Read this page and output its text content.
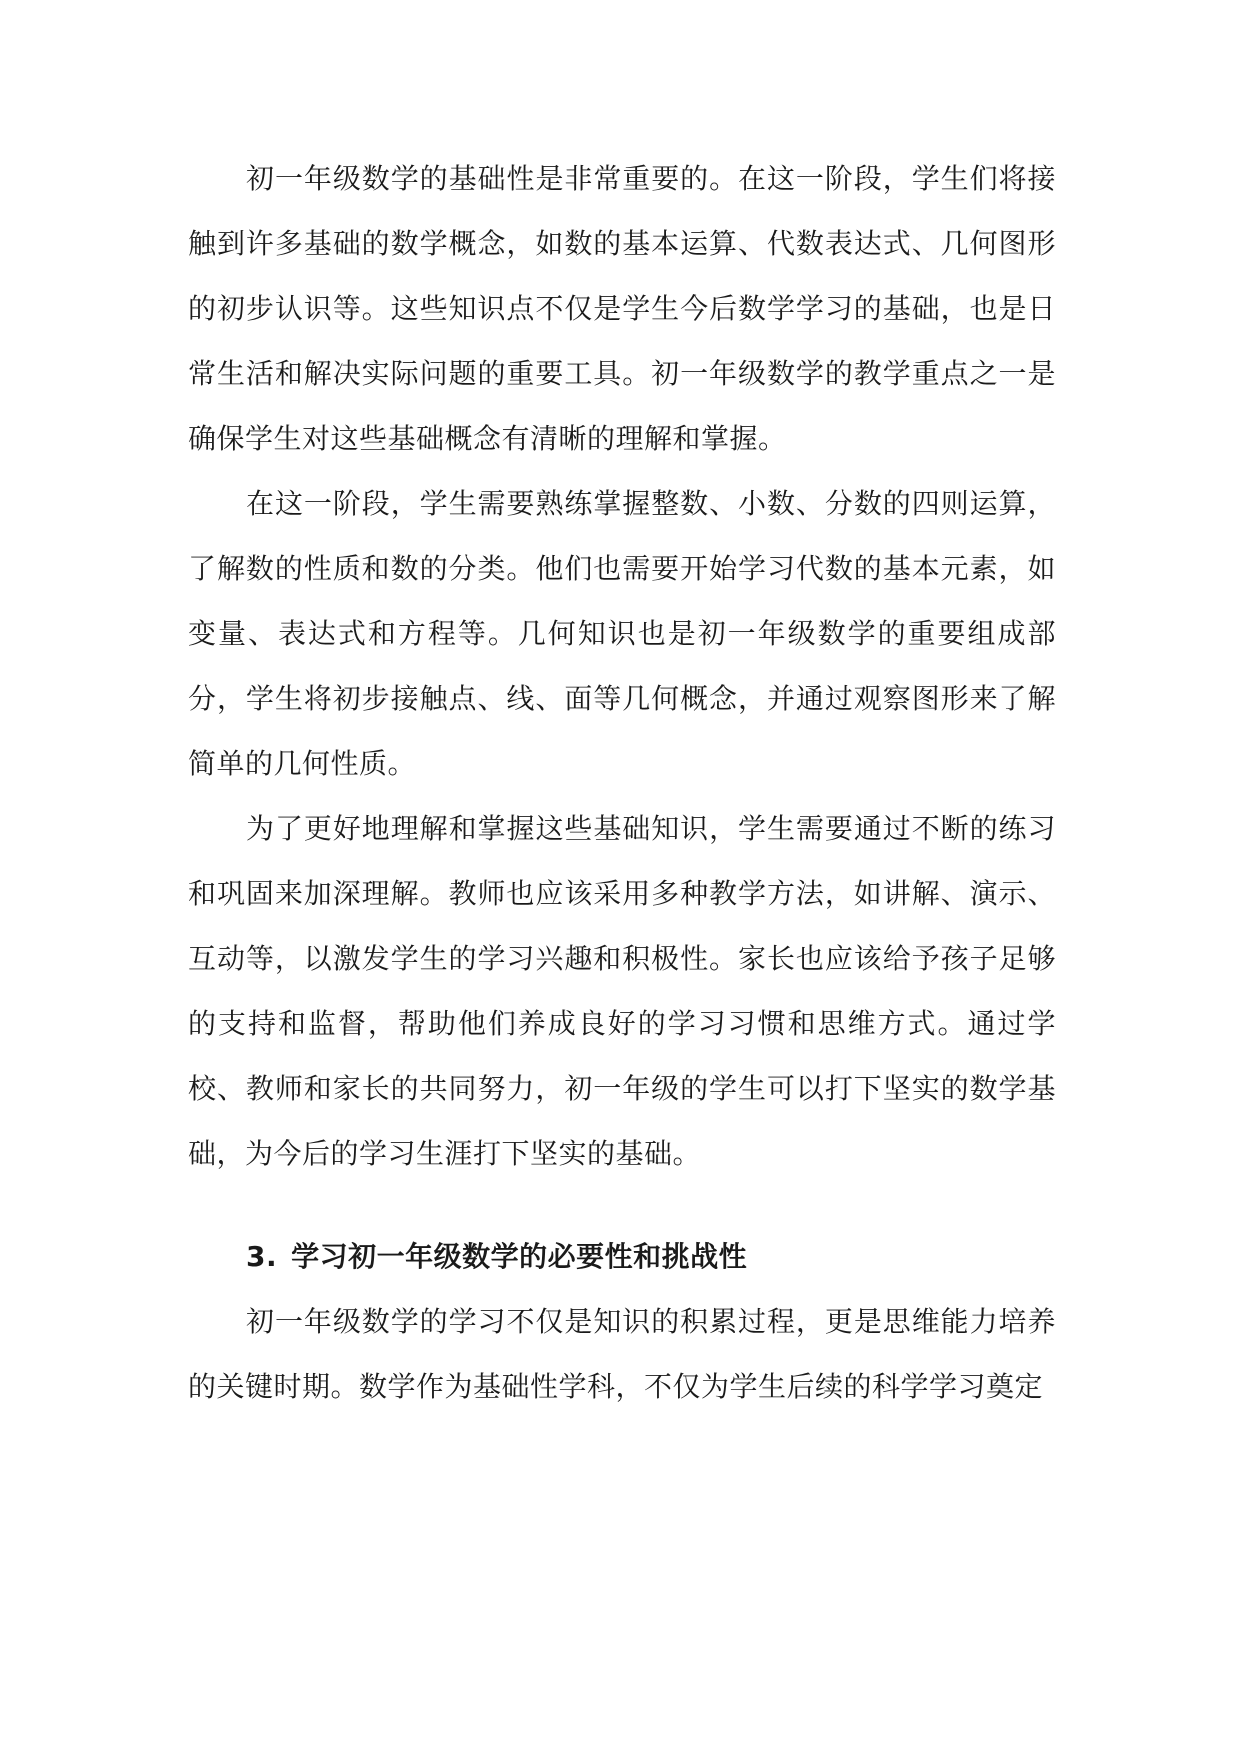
初一年级数学的基础性是非常重要的。在这一阶段，学生们将接触到许多基础的数学概念，如数的基本运算、代数表达式、几何图形的初步认识等。这些知识点不仅是学生今后数学学习的基础，也是日常生活和解决实际问题的重要工具。初一年级数学的教学重点之一是确保学生对这些基础概念有清晰的理解和掌握。

在这一阶段，学生需要熟练掌握整数、小数、分数的四则运算，了解数的性质和数的分类。他们也需要开始学习代数的基本元素，如变量、表达式和方程等。几何知识也是初一年级数学的重要组成部分，学生将初步接触点、线、面等几何概念，并通过观察图形来了解简单的几何性质。

为了更好地理解和掌握这些基础知识，学生需要通过不断的练习和巩固来加深理解。教师也应该采用多种教学方法，如讲解、演示、互动等，以激发学生的学习兴趣和积极性。家长也应该给予孩子足够的支持和监督，帮助他们养成良好的学习习惯和思维方式。通过学校、教师和家长的共同努力，初一年级的学生可以打下坚实的数学基础，为今后的学习生涯打下坚实的基础。

3. 学习初一年级数学的必要性和挑战性

初一年级数学的学习不仅是知识的积累过程，更是思维能力培养的关键时期。数学作为基础性学科，不仅为学生后续的科学学习奠定
